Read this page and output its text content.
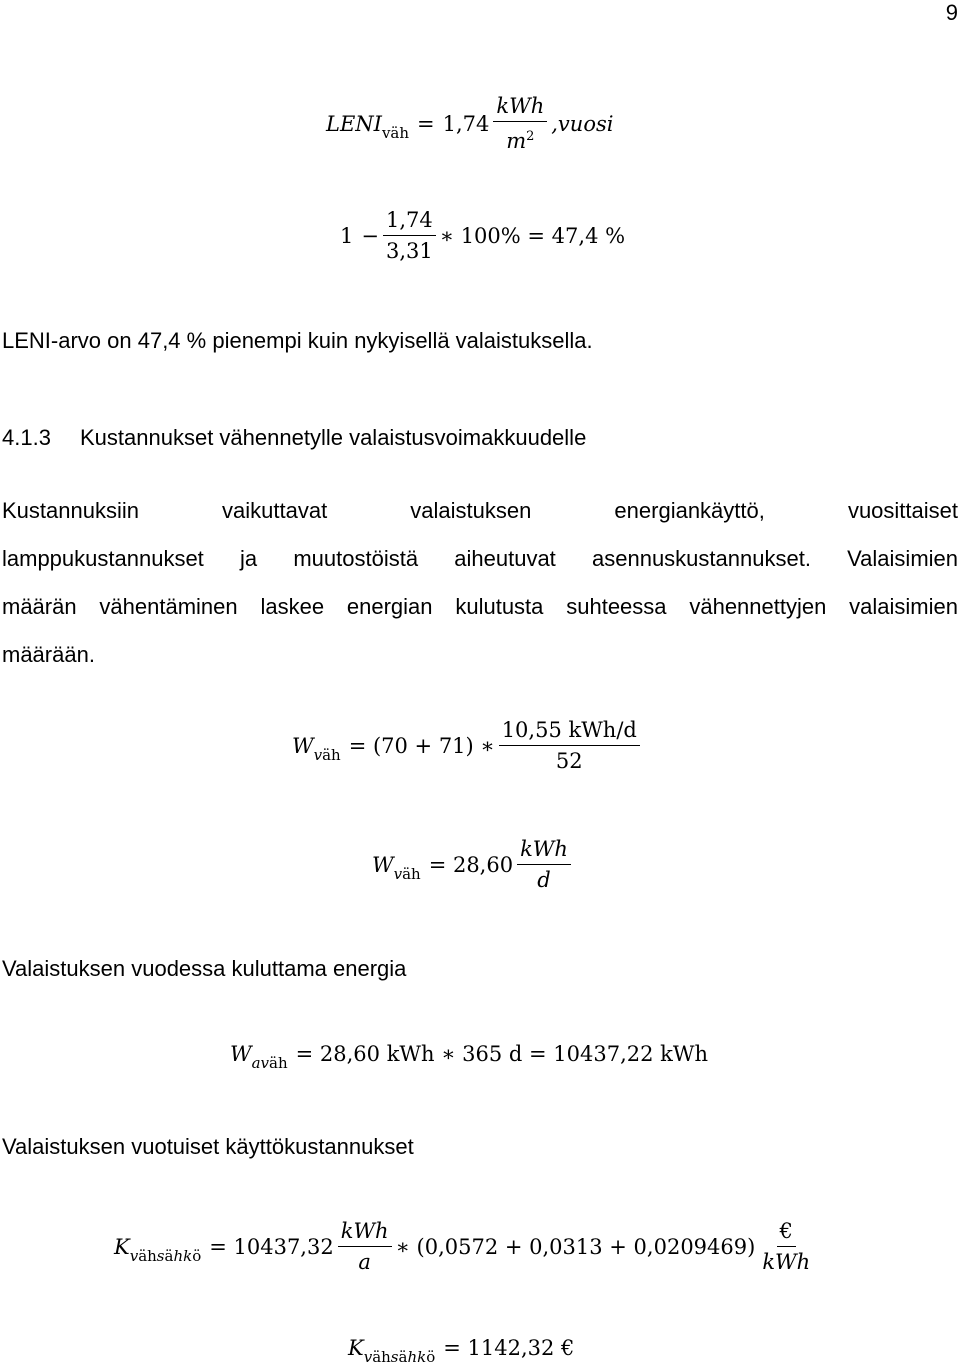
9
LENI väh = $1,74 \frac{\text{kWh}}{m^2}$ ,vuosi
$1 - \frac{1,74}{3,31}$ ∗ 100% = 47,4 %
LENI-arvo on 47,4 % pienempi kuin nykyisellä valaistuksella.
4.1.3 Kustannukset vähennetylle valaistusvoimakkuudelle
Kustannuksiin vaikuttavat valaistuksen energiankäyttö, vuosittaiset
lamppukustannukset ja muutostöistä aiheutuvat asennuskustannukset. Valaisimien
määrän vähentäminen laskee energian kulutusta suhteessa vähennettyjen valaisimien
määrään.
W väh = (70 + 71) ∗ $\frac{\text{10,55 kWh/d}}{52}$
W väh = $28,60 \frac{\text{kWh}}{d}$
Valaistuksen vuodessa kuluttama energia
W aväh = 28,60 kWh ∗ 365 d = 10437,22 kWh
Valaistuksen vuotuiset käyttökustannukset
K vähsähkö = $10437,32 \frac{\text{kWh}}{a}$ ∗ $(0,0572 + 0,0313 + 0,0209469) \frac{€}{\text{kWh}}$
K vähsähkö = 1142,32 €
